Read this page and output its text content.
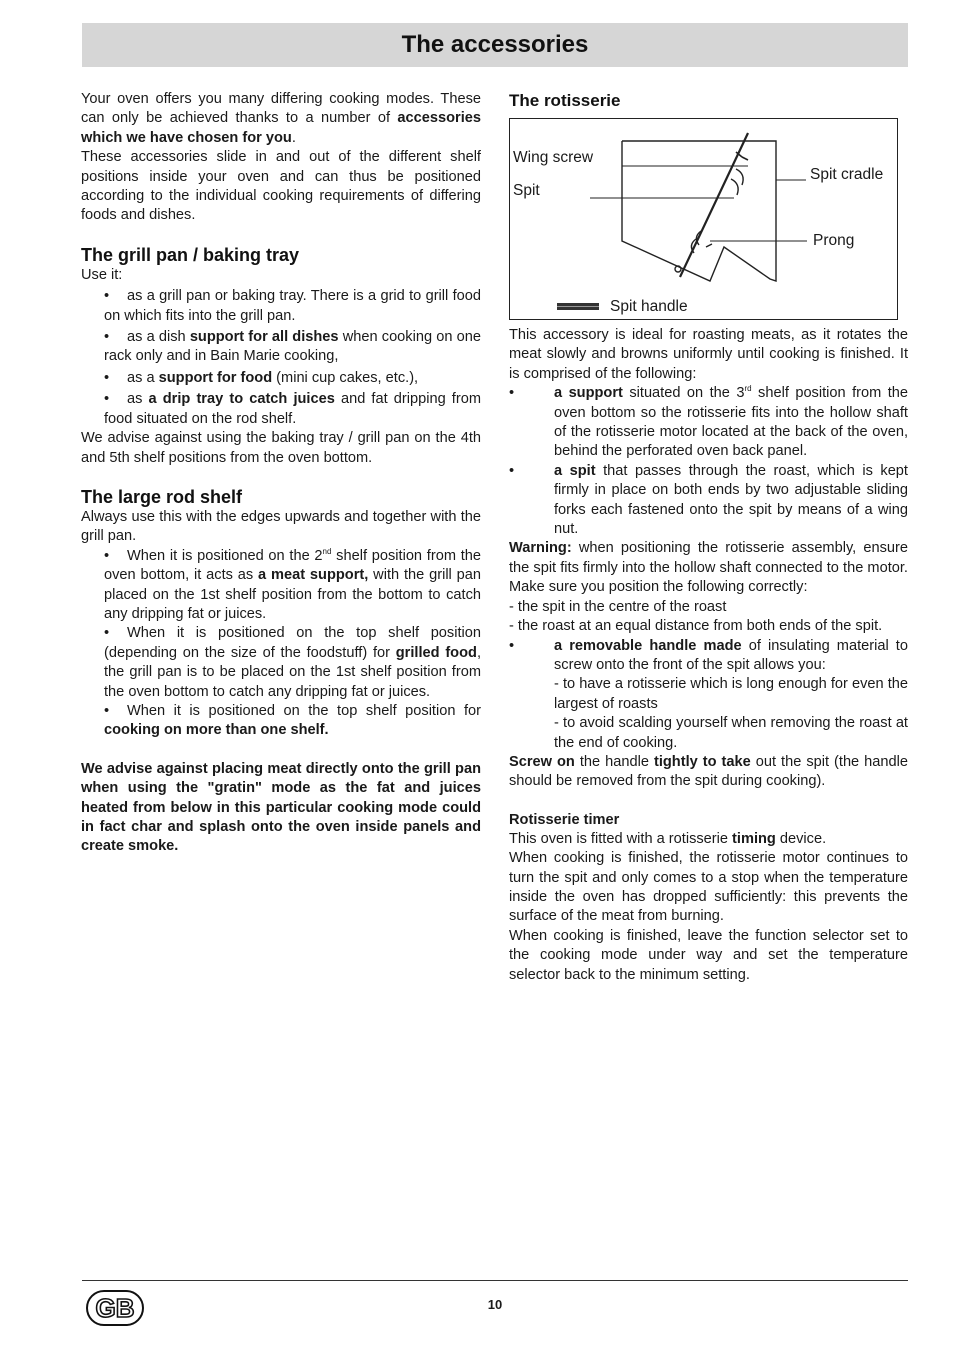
The accessories

Your oven offers you many differing cooking modes. These can only be achieved thanks to a number of accessories which we have chosen for you.

These accessories slide in and out of the different shelf positions inside your oven and can thus be positioned according to the individual cooking requirements of differing foods and dishes.

The grill pan / baking tray

Use it:

• as a grill pan or baking tray. There is a grid to grill food on which fits into the grill pan.
• as a dish support for all dishes when cooking on one rack only and in Bain Marie cooking,
• as a support for food (mini cup cakes, etc.),
• as a drip tray to catch juices and fat dripping from food situated on the rod shelf.

We advise against using the baking tray / grill pan on the 4th and 5th shelf positions from the oven bottom.

The large rod shelf

Always use this with the edges upwards and together with the grill pan.

• When it is positioned on the 2nd shelf position from the oven bottom, it acts as a meat support, with the grill pan placed on the 1st shelf position from the bottom to catch any dripping fat or juices.
• When it is positioned on the top shelf position (depending on the size of the foodstuff) for grilled food, the grill pan is to be placed on the 1st shelf position from the oven bottom to catch any dripping fat or juices.
• When it is positioned on the top shelf position for cooking on more than one shelf.

We advise against placing meat directly onto the grill pan when using the "gratin" mode as the fat and juices heated from below in this particular cooking mode could in fact char and splash onto the oven inside panels and create smoke.

The rotisserie
Wing screw
Spit
Spit cradle
Prong
Spit handle

This accessory is ideal for roasting meats, as it rotates the meat slowly and browns uniformly until cooking is finished. It is comprised of the following:

•	a support situated on the 3rd shelf position from the oven bottom so the rotisserie fits into the hollow shaft of the rotisserie motor located at the back of the oven, behind the perforated oven back panel.
•	a spit that passes through the roast, which is kept firmly in place on both ends by two adjustable sliding forks each fastened onto the spit by means of a wing nut.

Warning: when positioning the rotisserie assembly, ensure the spit fits firmly into the hollow shaft connected to the motor. Make sure you position the following correctly:

- the spit in the centre of the roast

- the roast at an equal distance from both ends of the spit.

•	a removable handle made of insulating material to screw onto the front of the spit allows you:

- to have a rotisserie which is long enough for even the largest of roasts

- to avoid scalding yourself when removing the roast at the end of cooking.

Screw on the handle tightly to take out the spit (the handle should be removed from the spit during cooking).

Rotisserie timer

This oven is fitted with a rotisserie timing device.

When cooking is finished, the rotisserie motor continues to turn the spit and only comes to a stop when the temperature inside the oven has dropped sufficiently: this prevents the surface of the meat from burning.

When cooking is finished, leave the function selector set to the cooking mode under way and set the temperature selector back to the minimum setting.

GB	10
